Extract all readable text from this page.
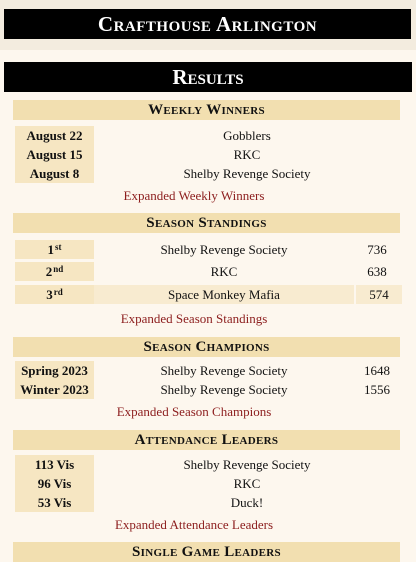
Crafthouse Arlington
Results
Weekly Winners
August 22	Gobblers
August 15	RKC
August 8	Shelby Revenge Society
Expanded Weekly Winners
Season Standings
1st	Shelby Revenge Society	736
2nd	RKC	638
3rd	Space Monkey Mafia	574
Expanded Season Standings
Season Champions
Spring 2023	Shelby Revenge Society	1648
Winter 2023	Shelby Revenge Society	1556
Expanded Season Champions
Attendance Leaders
113 Vis	Shelby Revenge Society
96 Vis	RKC
53 Vis	Duck!
Expanded Attendance Leaders
Single Game Leaders
